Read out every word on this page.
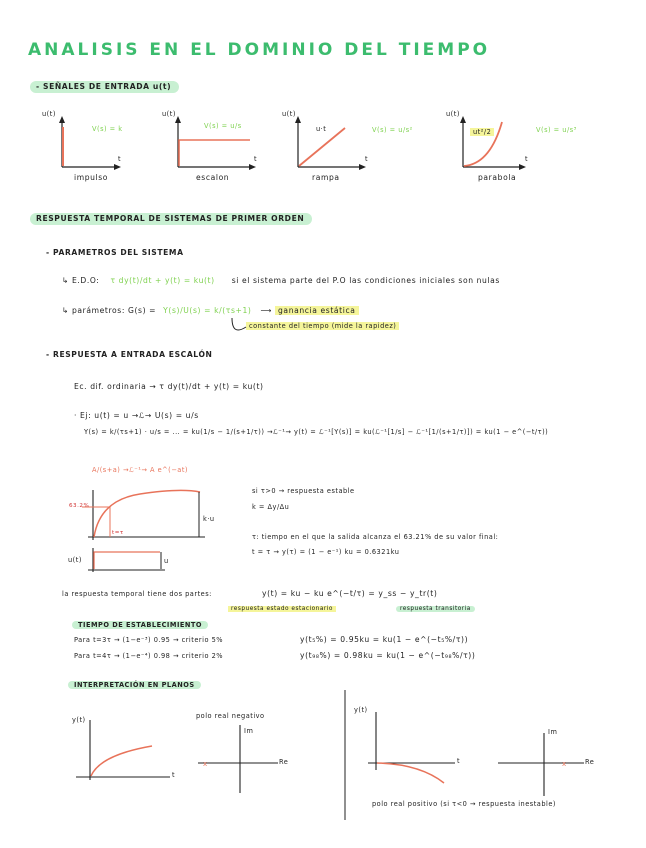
ANALISIS EN EL DOMINIO DEL TIEMPO
- SEÑALES DE ENTRADA u(t)
u(t)
V(s) = k
t
impulso
u(t)
V(s) = u/s
t
escalon
u(t)
u·t	V(s) = u/s²
t
rampa
u(t)
ut²/2	V(s) = u/s³
t
parabola
RESPUESTA TEMPORAL DE SISTEMAS DE PRIMER ORDEN
- PARAMETROS DEL SISTEMA
↳ E.D.O: τ dy(t)/dt + y(t) = ku(t) si el sistema parte del P.O las condiciones iniciales son nulas
↳ parámetros: G(s) = Y(s)/U(s) = k/(τs+1) ⟶ ganancia estática
constante del tiempo (mide la rapidez)
- RESPUESTA A ENTRADA ESCALÓN
Ec. dif. ordinaria → τ dy(t)/dt + y(t) = ku(t)
· Ej: u(t) = u →ℒ→ U(s) = u/s
Y(s) = k/(τs+1) · u/s = ... = ku(1/s − 1/(s+1/τ)) →ℒ⁻¹→ y(t) = ℒ⁻¹[Y(s)] = ku(ℒ⁻¹[1/s] − ℒ⁻¹[1/(s+1/τ)]) = ku(1 − e^(−t/τ))
A/(s+a) →ℒ⁻¹→ A e^(−at)
63.2%
k·u
t=τ
u(t)	u
si τ>0 → respuesta estable
k = Δy/Δu
τ: tiempo en el que la salida alcanza el 63.21% de su valor final:
t = τ → y(τ) = (1 − e⁻¹) ku = 0.6321ku
la respuesta temporal tiene dos partes:	y(t) = ku − ku e^(−t/τ) = y_ss − y_tr(t)
respuesta estado estacionario	respuesta transitoria
TIEMPO DE ESTABLECIMIENTO
Para t=3τ → (1−e⁻³) 0.95 → criterio 5%	y(t₅%) = 0.95ku = ku(1 − e^(−t₅%/τ))
Para t=4τ → (1−e⁻⁴) 0.98 → criterio 2%	y(t₉₈%) = 0.98ku = ku(1 − e^(−t₉₈%/τ))
INTERPRETACIÓN EN PLANOS
x	x
y(t)
t
polo real negativo
Im
Re
y(t)
t
Im
Re
polo real positivo (si τ<0 → respuesta inestable)
